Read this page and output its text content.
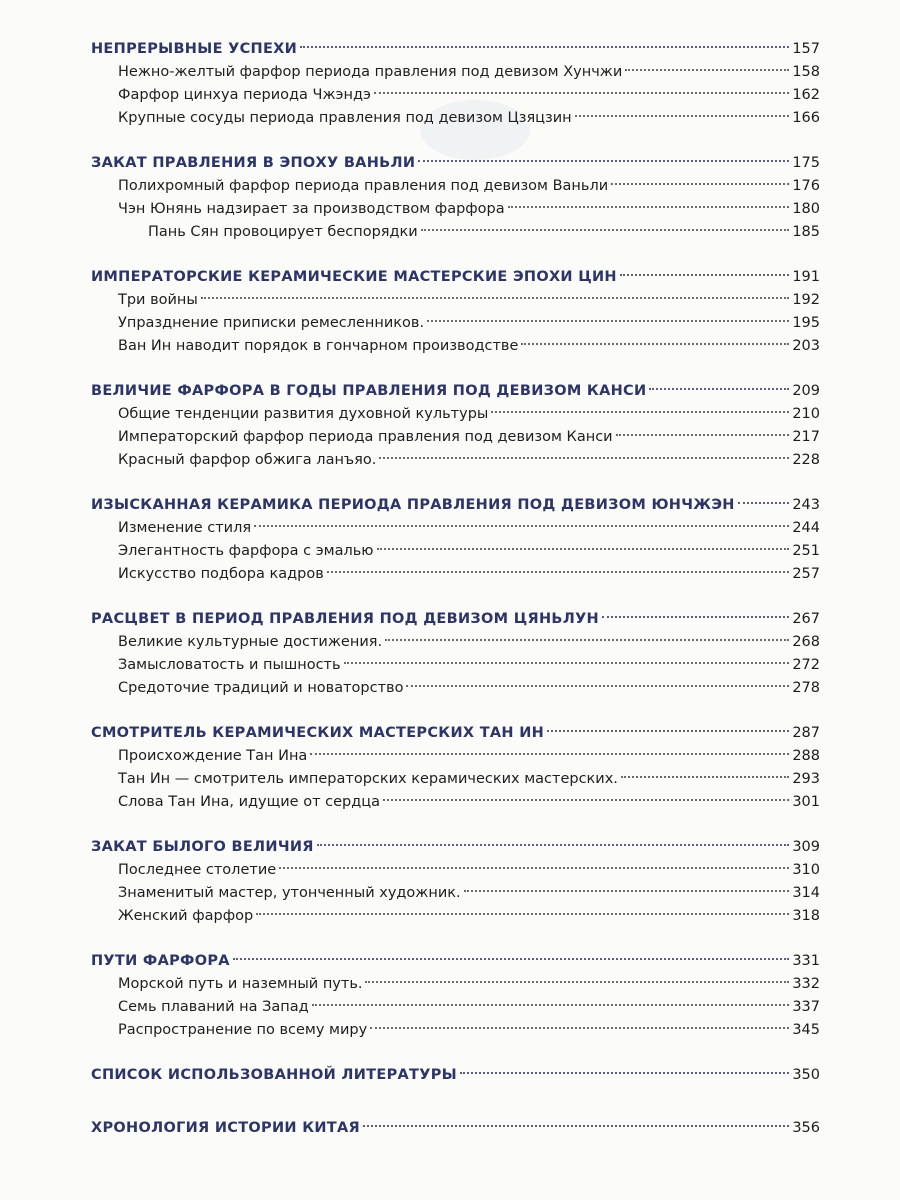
НЕПРЕРЫВНЫЕ УСПЕХИ	157
Нежно-желтый фарфор периода правления под девизом Хунчжи	158
Фарфор цинхуа периода Чжэндэ	162
Крупные сосуды периода правления под девизом Цзяцзин	166
ЗАКАТ ПРАВЛЕНИЯ В ЭПОХУ ВАНЬЛИ	175
Полихромный фарфор периода правления под девизом Ваньли	176
Чэн Юнянь надзирает за производством фарфора	180
Пань Сян провоцирует беспорядки	185
ИМПЕРАТОРСКИЕ КЕРАМИЧЕСКИЕ МАСТЕРСКИЕ ЭПОХИ ЦИН	191
Три войны	192
Упразднение приписки ремесленников.	195
Ван Ин наводит порядок в гончарном производстве	203
ВЕЛИЧИЕ ФАРФОРА В ГОДЫ ПРАВЛЕНИЯ ПОД ДЕВИЗОМ КАНСИ	209
Общие тенденции развития духовной культуры	210
Императорский фарфор периода правления под девизом Канси	217
Красный фарфор обжига ланъяо.	228
ИЗЫСКАННАЯ КЕРАМИКА ПЕРИОДА ПРАВЛЕНИЯ ПОД ДЕВИЗОМ ЮНЧЖЭН	243
Изменение стиля	244
Элегантность фарфора с эмалью	251
Искусство подбора кадров	257
РАСЦВЕТ В ПЕРИОД ПРАВЛЕНИЯ ПОД ДЕВИЗОМ ЦЯНЬЛУН	267
Великие культурные достижения.	268
Замысловатость и пышность	272
Средоточие традиций и новаторство	278
СМОТРИТЕЛЬ КЕРАМИЧЕСКИХ МАСТЕРСКИХ ТАН ИН	287
Происхождение Тан Ина	288
Тан Ин — смотритель императорских керамических мастерских.	293
Слова Тан Ина, идущие от сердца	301
ЗАКАТ БЫЛОГО ВЕЛИЧИЯ	309
Последнее столетие	310
Знаменитый мастер, утонченный художник.	314
Женский фарфор	318
ПУТИ ФАРФОРА	331
Морской путь и наземный путь.	332
Семь плаваний на Запад	337
Распространение по всему миру	345
СПИСОК ИСПОЛЬЗОВАННОЙ ЛИТЕРАТУРЫ	350
ХРОНОЛОГИЯ ИСТОРИИ КИТАЯ	356
